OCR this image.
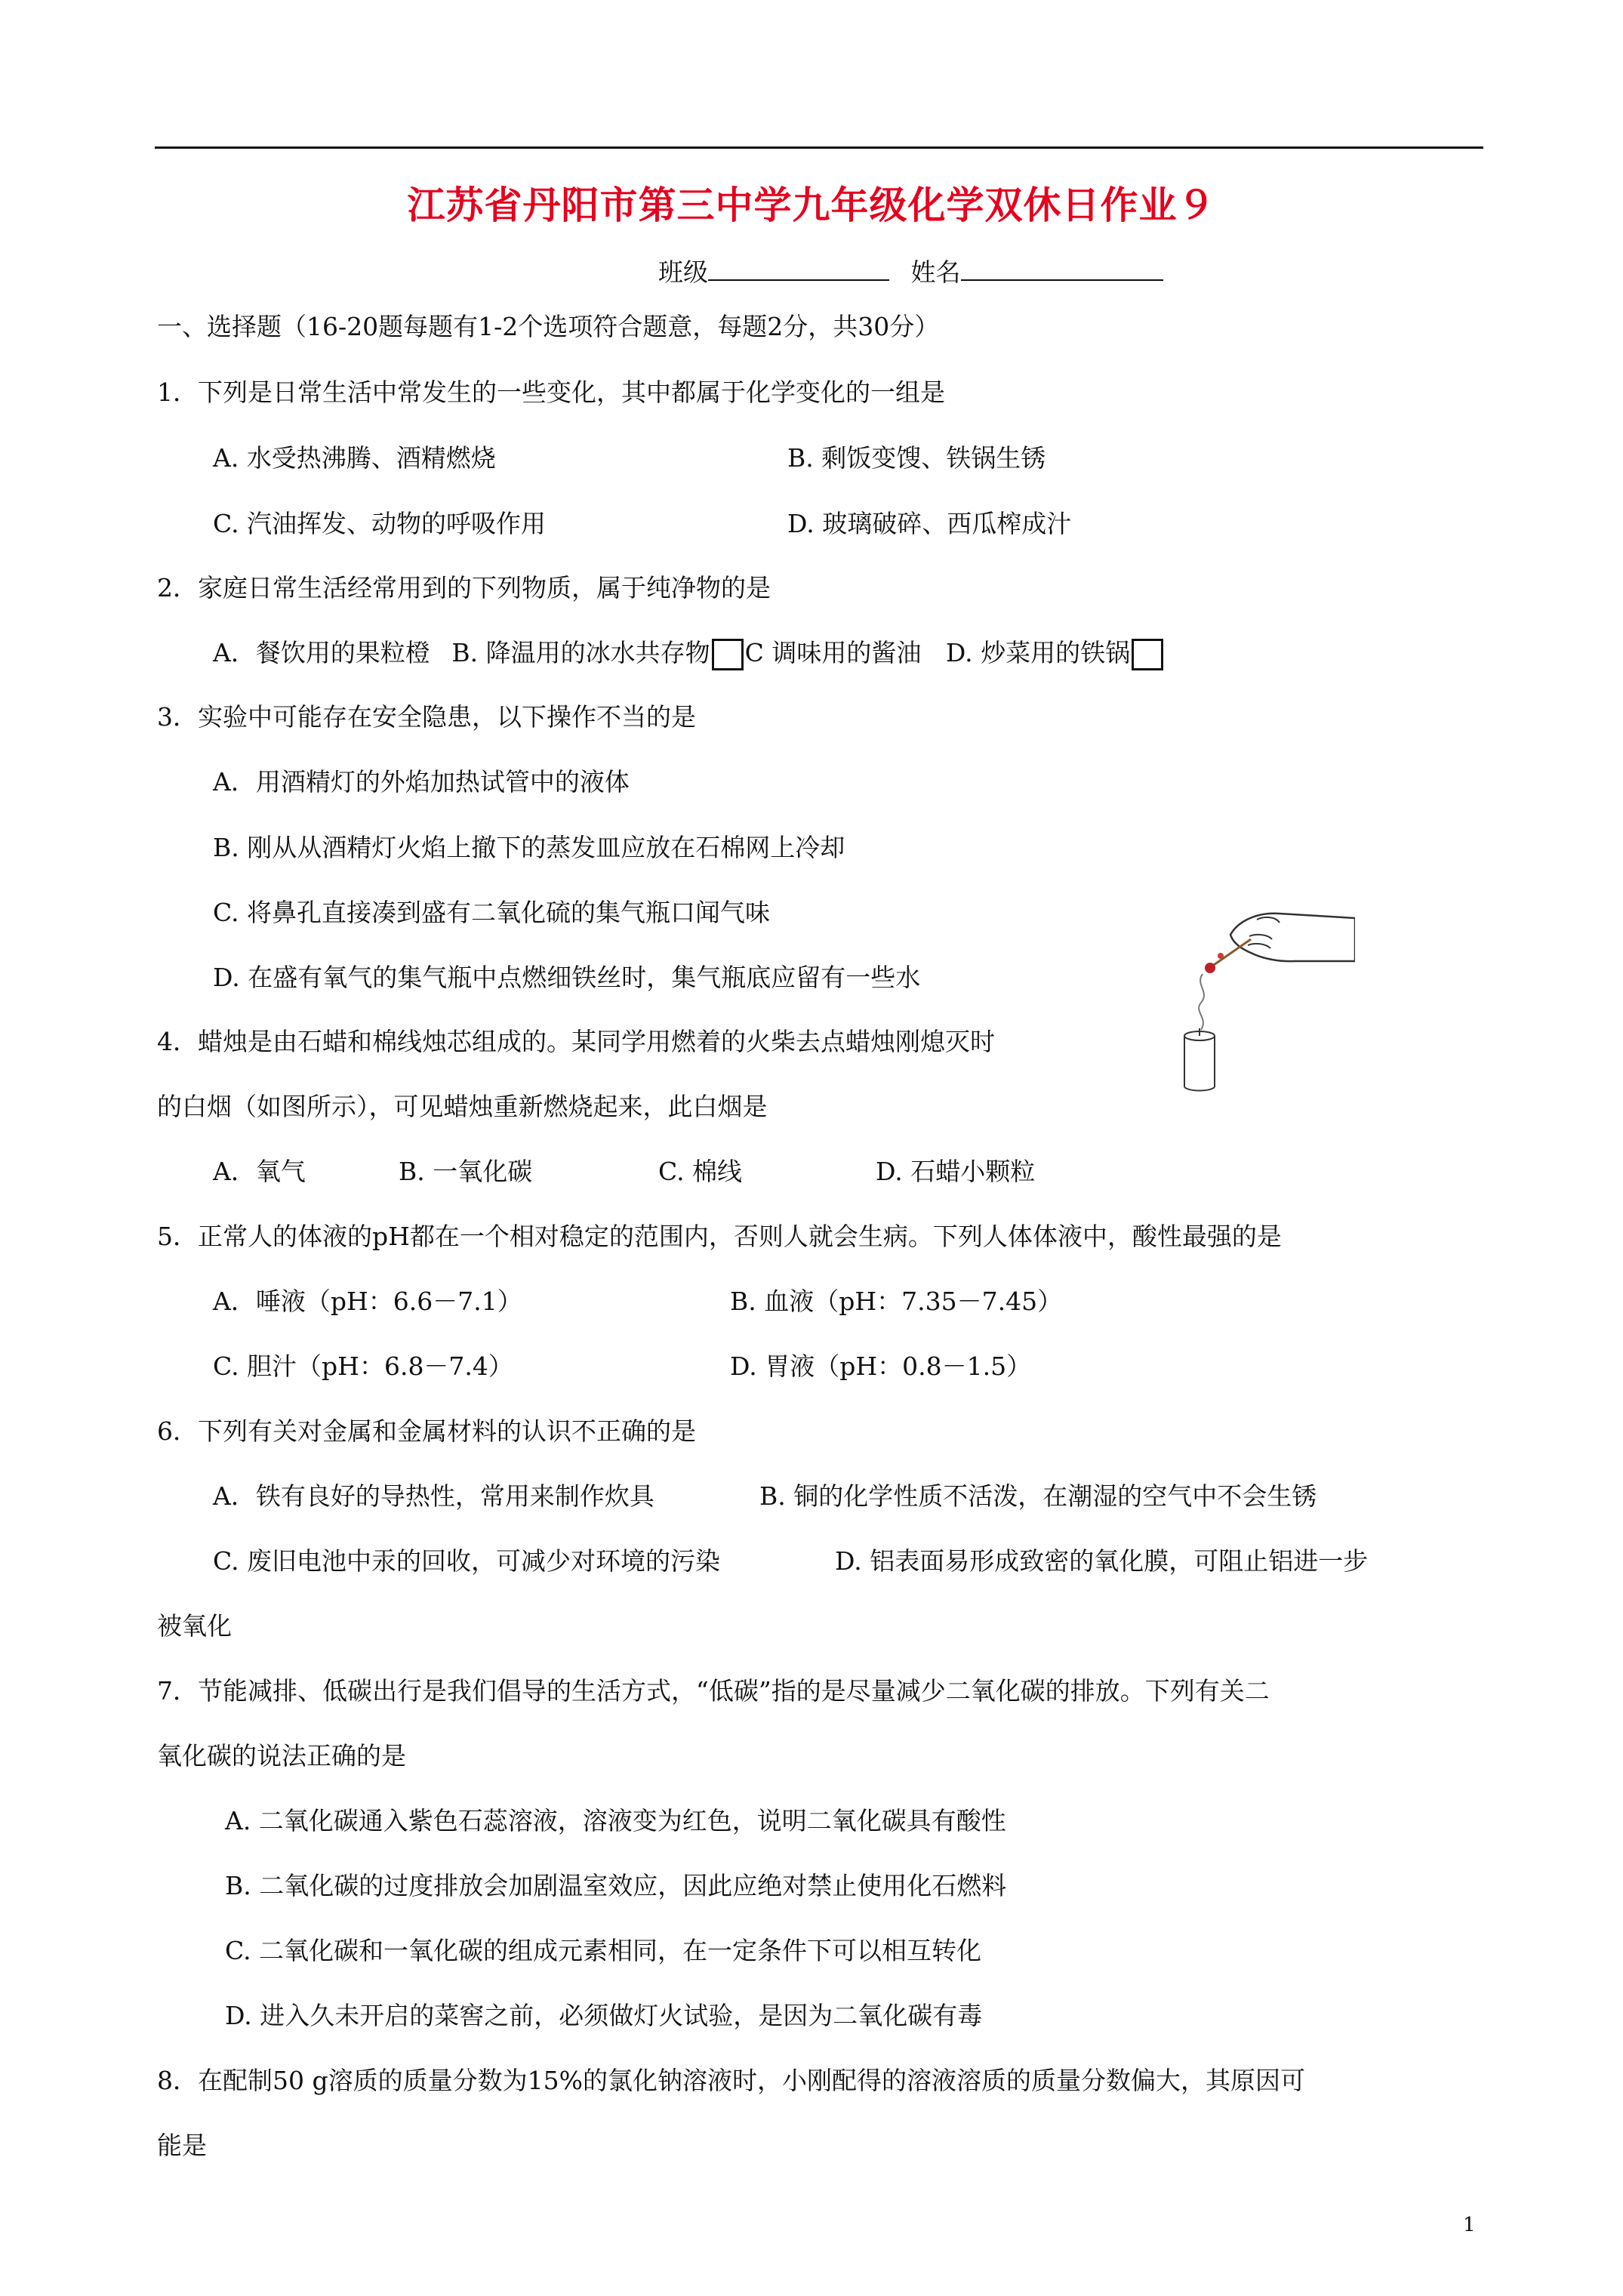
江苏省丹阳市第三中学九年级化学双休日作业９
班级	姓名
一、选择题（16-20题每题有1-2个选项符合题意，每题2分，共30分）
1．下列是日常生活中常发生的一些变化，其中都属于化学变化的一组是
A. 水受热沸腾、酒精燃烧	B. 剩饭变馊、铁锅生锈
C. 汽油挥发、动物的呼吸作用	D. 玻璃破碎、西瓜榨成汁
2．家庭日常生活经常用到的下列物质，属于纯净物的是
A．餐饮用的果粒橙 B. 降温用的冰水共存物 C 调味用的酱油 D. 炒菜用的铁锅
3．实验中可能存在安全隐患，以下操作不当的是
A．用酒精灯的外焰加热试管中的液体
B. 刚从从酒精灯火焰上撤下的蒸发皿应放在石棉网上冷却
C. 将鼻孔直接凑到盛有二氧化硫的集气瓶口闻气味
D. 在盛有氧气的集气瓶中点燃细铁丝时，集气瓶底应留有一些水
4．蜡烛是由石蜡和棉线烛芯组成的。某同学用燃着的火柴去点蜡烛刚熄灭时
的白烟（如图所示），可见蜡烛重新燃烧起来，此白烟是
A．氧气	B. 一氧化碳	C. 棉线	D. 石蜡小颗粒
5．正常人的体液的pH都在一个相对稳定的范围内，否则人就会生病。下列人体体液中，酸性最强的是
A．唾液（pH：6.6－7.1）	B. 血液（pH：7.35－7.45）
C. 胆汁（pH：6.8－7.4）	D. 胃液（pH：0.8－1.5）
6．下列有关对金属和金属材料的认识不正确的是
A．铁有良好的导热性，常用来制作炊具	B. 铜的化学性质不活泼，在潮湿的空气中不会生锈
C. 废旧电池中汞的回收，可减少对环境的污染	D. 铝表面易形成致密的氧化膜，可阻止铝进一步
被氧化
7．节能减排、低碳出行是我们倡导的生活方式，“低碳”指的是尽量减少二氧化碳的排放。下列有关二
氧化碳的说法正确的是
A. 二氧化碳通入紫色石蕊溶液，溶液变为红色，说明二氧化碳具有酸性
B. 二氧化碳的过度排放会加剧温室效应，因此应绝对禁止使用化石燃料
C. 二氧化碳和一氧化碳的组成元素相同，在一定条件下可以相互转化
D. 进入久未开启的菜窖之前，必须做灯火试验，是因为二氧化碳有毒
8．在配制50 g溶质的质量分数为15%的氯化钠溶液时，小刚配得的溶液溶质的质量分数偏大，其原因可
能是
1
